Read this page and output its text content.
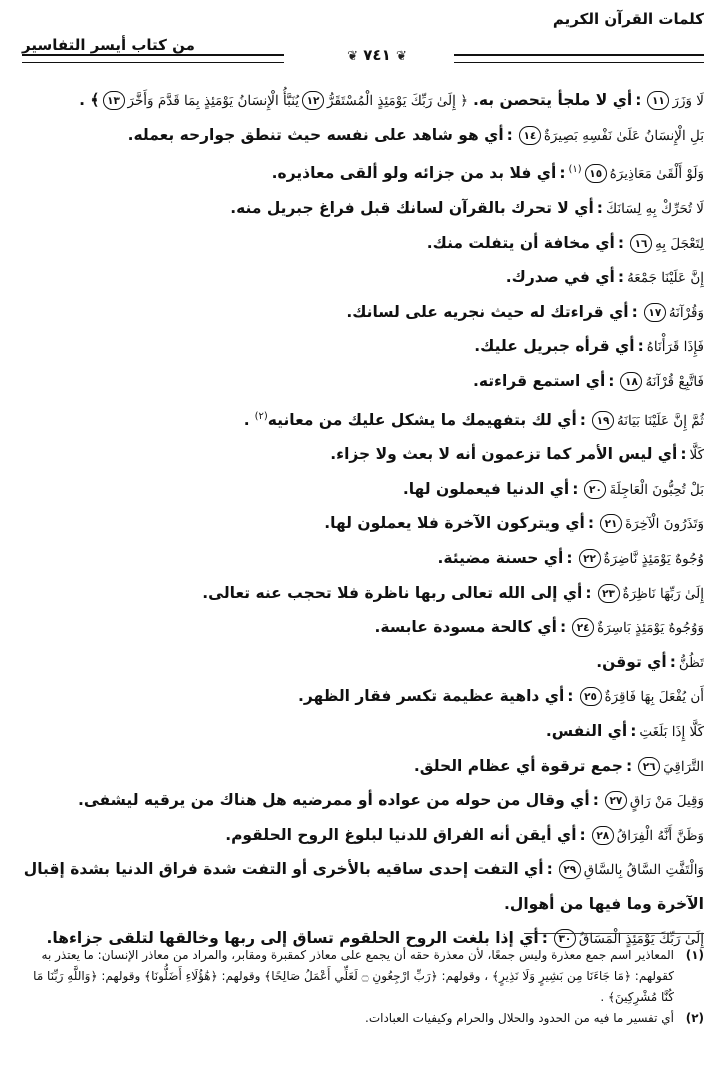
كلمات القرآن الكريم
من كتاب أيسر التفاسير
❦ ٧٤١ ❦
لَا وَزَرَ١١:أي لا ملجأ يتحصن به. ﴿ إِلَىٰ رَبِّكَ يَوْمَئِذٍ الْمُسْتَقَرُّ١٢يُنَبَّأُ الْإِنسَانُ يَوْمَئِذٍ بِمَا قَدَّمَ وَأَخَّرَ١٣﴾ .
بَلِ الْإِنسَانُ عَلَىٰ نَفْسِهِ بَصِيرَةٌ١٤:أي هو شاهد على نفسه حيث تنطق جوارحه بعمله.
وَلَوْ أَلْقَىٰ مَعَاذِيرَهُ١٥$^{(١)}$:أي فلا بد من جزائه ولو ألقى معاذيره.
لَا تُحَرِّكْ بِهِ لِسَانَكَ:أي لا تحرك بالقرآن لسانك قبل فراغ جبريل منه.
لِتَعْجَلَ بِهِ١٦:أي مخافة أن يتفلت منك.
إِنَّ عَلَيْنَا جَمْعَهُ:أي في صدرك.
وَقُرْآنَهُ١٧:أي قراءتك له حيث نجريه على لسانك.
فَإِذَا قَرَأْنَاهُ:أي قرأه جبريل عليك.
فَاتَّبِعْ قُرْآنَهُ١٨:أي استمع قراءته.
ثُمَّ إِنَّ عَلَيْنَا بَيَانَهُ١٩:أي لك بتفهيمك ما يشكل عليك من معانيه$^{(٢)}$ .
كَلَّا:أي ليس الأمر كما تزعمون أنه لا بعث ولا جزاء.
بَلْ تُحِبُّونَ الْعَاجِلَةَ٢٠:أي الدنيا فيعملون لها.
وَتَذَرُونَ الْآخِرَةَ٢١:أي ويتركون الآخرة فلا يعملون لها.
وُجُوهٌ يَوْمَئِذٍ نَّاضِرَةٌ٢٢:أي حسنة مضيئة.
إِلَىٰ رَبِّهَا نَاظِرَةٌ٢٣:أي إلى الله تعالى ربها ناظرة فلا تحجب عنه تعالى.
وَوُجُوهٌ يَوْمَئِذٍ بَاسِرَةٌ٢٤:أي كالحة مسودة عابسة.
تَظُنُّ:أي توقن.
أَن يُفْعَلَ بِهَا فَاقِرَةٌ٢٥:أي داهية عظيمة تكسر فقار الظهر.
كَلَّا إِذَا بَلَغَتِ:أي النفس.
التَّرَاقِيَ٢٦:جمع ترقوة أي عظام الحلق.
وَقِيلَ مَنْ رَاقٍ٢٧:أي وقال من حوله من عواده أو ممرضيه هل هناك من يرقيه ليشفى.
وَظَنَّ أَنَّهُ الْفِرَاقُ٢٨:أي أيقن أنه الفراق للدنيا لبلوغ الروح الحلقوم.
وَالْتَفَّتِ السَّاقُ بِالسَّاقِ٢٩:أي التفت إحدى ساقيه بالأخرى أو التفت شدة فراق الدنيا بشدة إقبال الآخرة وما فيها من أهوال.
إِلَىٰ رَبِّكَ يَوْمَئِذٍ الْمَسَاقُ٣٠:أي إذا بلغت الروح الحلقوم تساق إلى ربها وخالقها لتلقى جزاءها.
(١)
المعاذير اسم جمع معذرة وليس جمعًا، لأن معذرة حقه أن يجمع على معاذر كمقبرة ومقابر، والمراد من معاذر الإنسان: ما يعتذر به كقولهم: ﴿مَا جَاءَنَا مِن بَشِيرٍ وَلَا نَذِيرٍ﴾ ، وقولهم: ﴿رَبِّ ارْجِعُونِ ۝ لَعَلِّي أَعْمَلُ صَالِحًا﴾ وقولهم: ﴿هَٰؤُلَاءِ أَضَلُّونَا﴾ وقولهم: ﴿وَاللَّهِ رَبِّنَا مَا كُنَّا مُشْرِكِينَ﴾ .
(٢)
أي تفسير ما فيه من الحدود والحلال والحرام وكيفيات العبادات.
